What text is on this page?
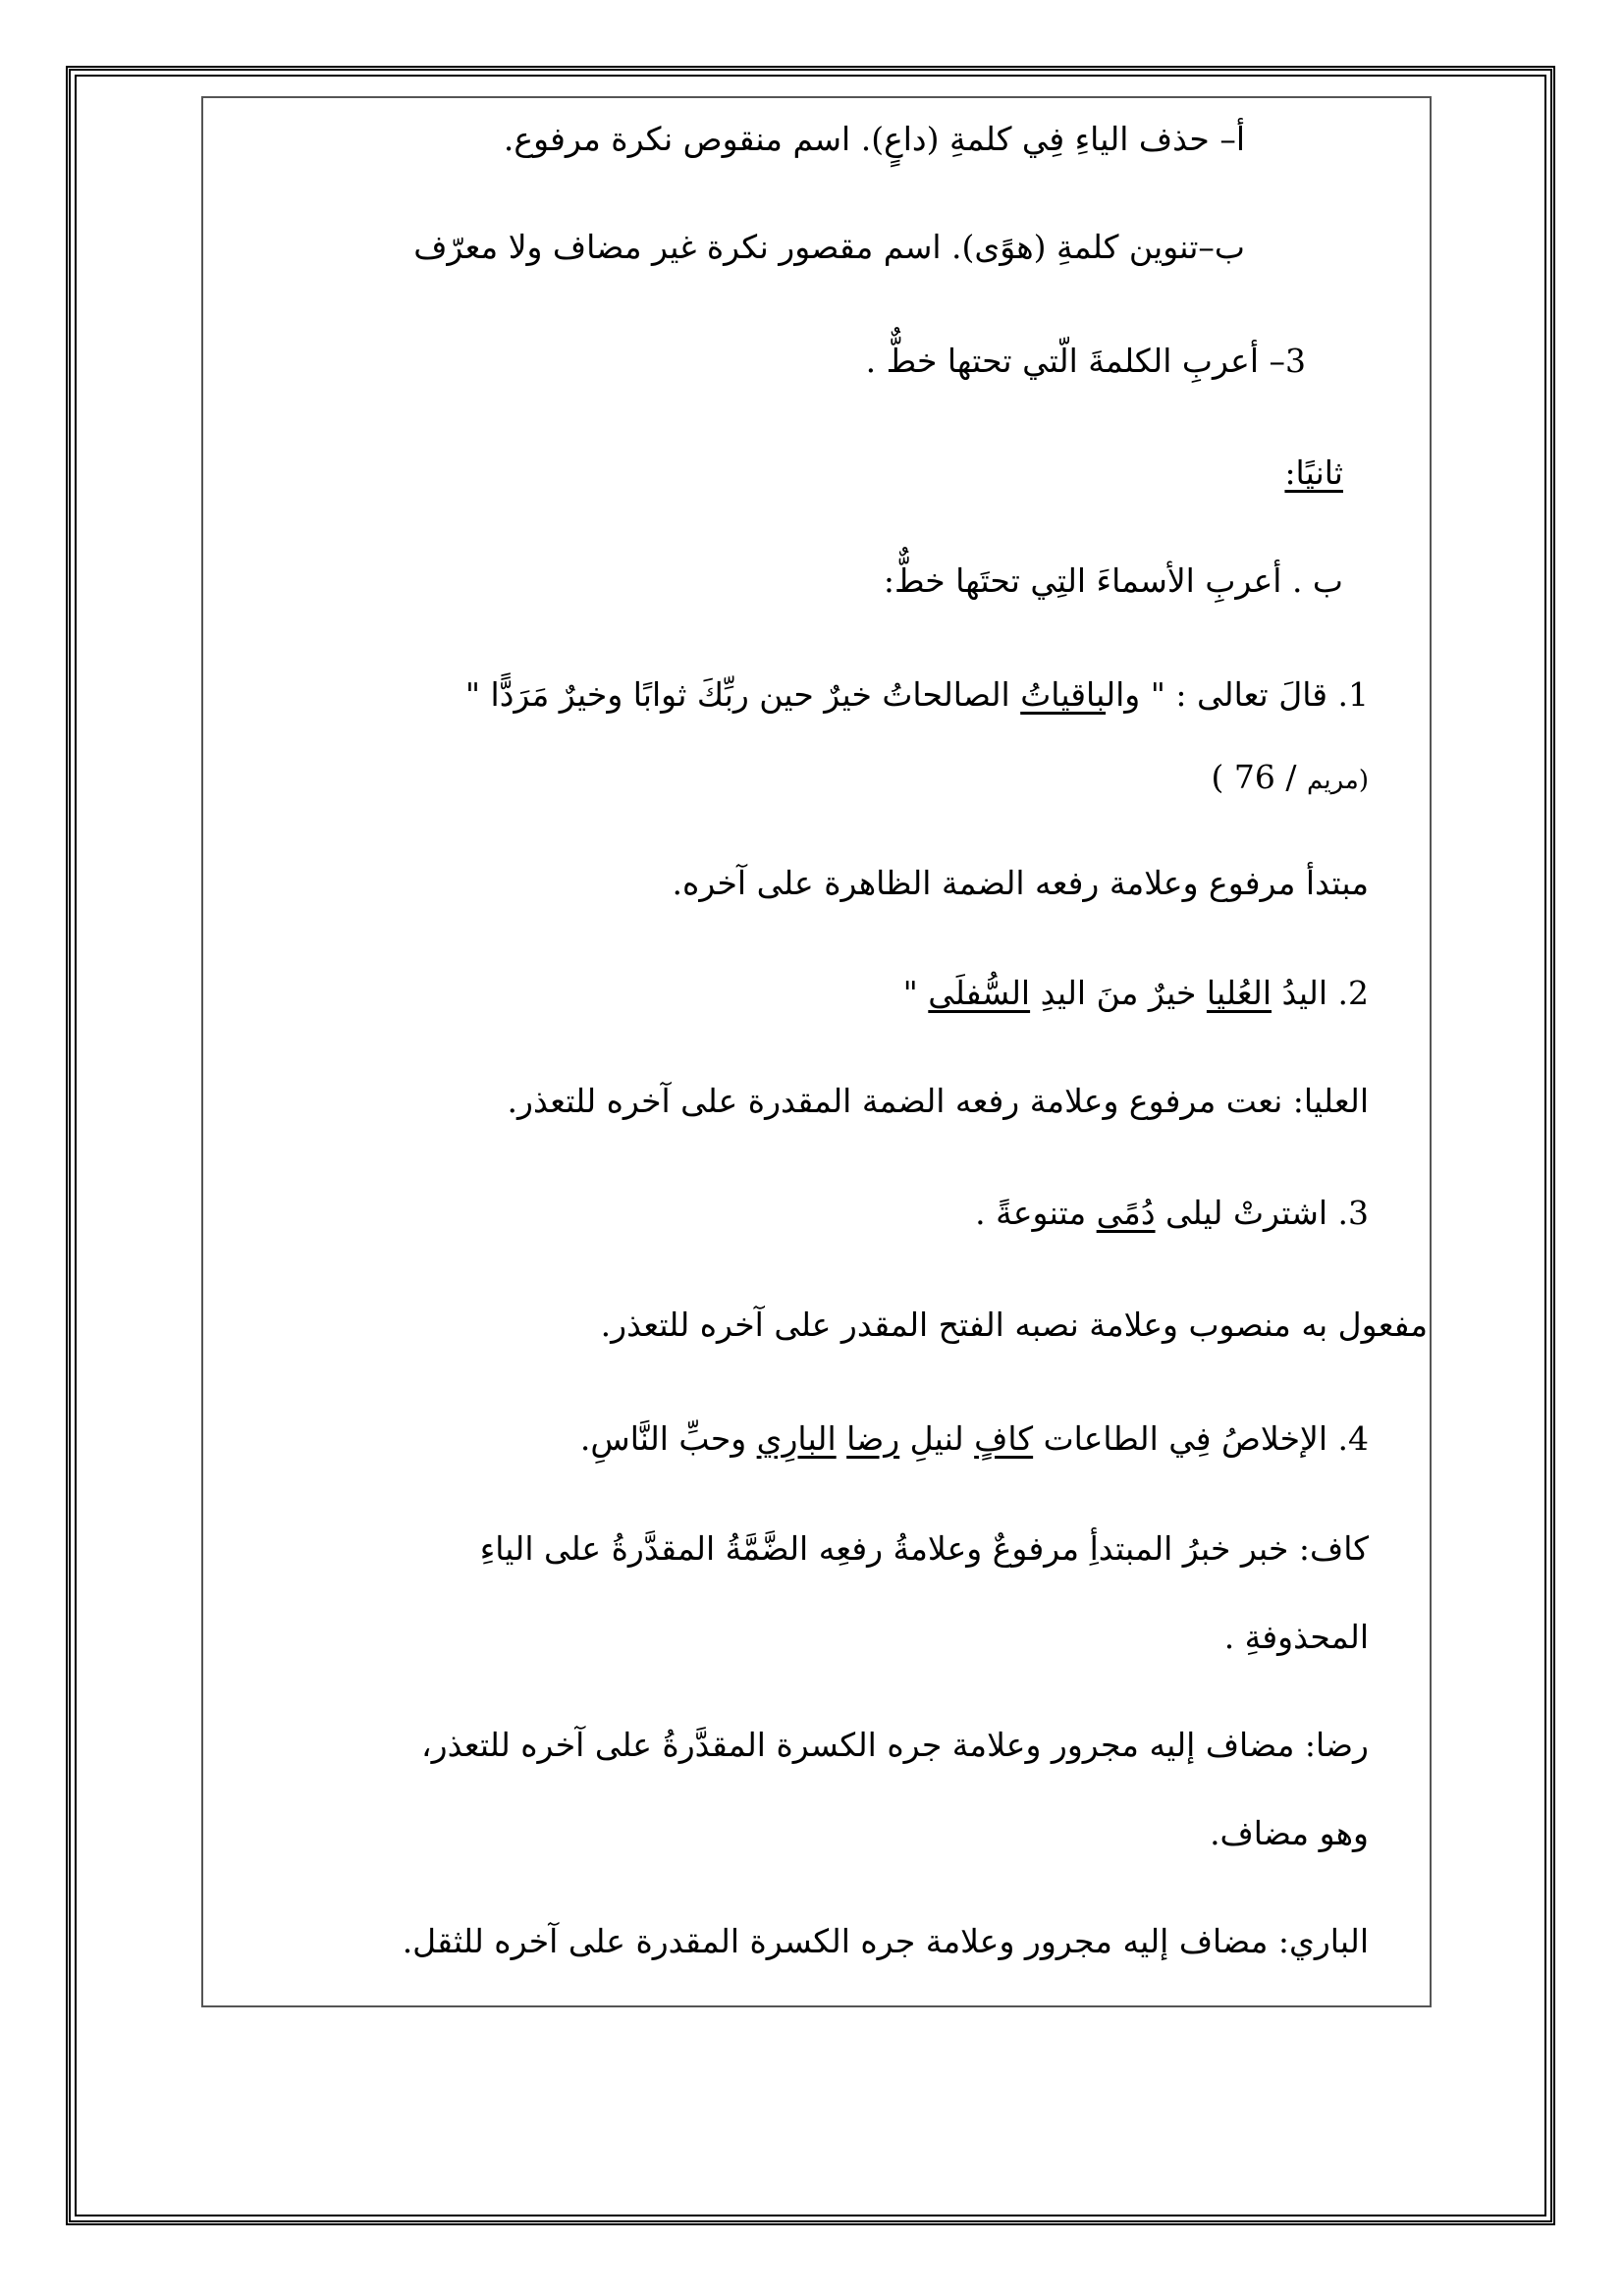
أ– حذف الياءِ فِي كلمةِ (داعٍ). اسم منقوص نكرة مرفوع.
ب–تنوين كلمةِ (هوًى). اسم مقصور نكرة غير مضاف ولا معرّف
3– أعربِ الكلمةَ الّتي تحتها خطٌّ .
ثانيًا:
ب . أعربِ الأسماءَ التِي تحتَها خطٌّ:
1. قالَ تعالى : " والباقياتُ الصالحاتُ خيرٌ حين ربِّكَ ثوابًا وخيرٌ مَرَدًّا "
(مريم / 76 )
مبتدأ مرفوع وعلامة رفعه الضمة الظاهرة على آخره.
2. اليدُ العُليا خيرٌ منَ اليدِ السُّفلَى "
العليا: نعت مرفوع وعلامة رفعه الضمة المقدرة على آخره للتعذر.
3. اشترتْ ليلى دُمًى متنوعةً .
مفعول به منصوب وعلامة نصبه الفتح المقدر على آخره للتعذر.
4. الإخلاصُ فِي الطاعات كافٍ لنيلِ رضا البارِي وحبِّ النَّاسِ.
كاف: خبر خبرُ المبتدأِ مرفوعٌ وعلامةُ رفعِه الضَّمَّةُ المقدَّرةُ على الياءِ
المحذوفةِ .
رضا: مضاف إليه مجرور وعلامة جره الكسرة المقدَّرةُ على آخره للتعذر،
وهو مضاف.
الباري: مضاف إليه مجرور وعلامة جره الكسرة المقدرة على آخره للثقل.
